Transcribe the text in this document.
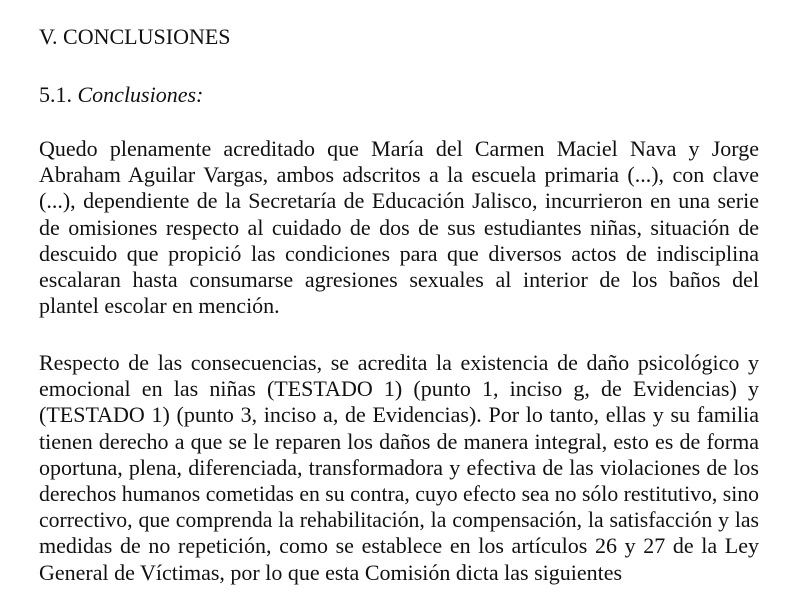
V. CONCLUSIONES
5.1. Conclusiones:

Quedo plenamente acreditado que María del Carmen Maciel Nava y Jorge
Abraham Aguilar Vargas, ambos adscritos a la escuela primaria (...), con clave
(...), dependiente de la Secretaría de Educación Jalisco, incurrieron en una serie
de omisiones respecto al cuidado de dos de sus estudiantes niñas, situación de
descuido que propició las condiciones para que diversos actos de indisciplina
escalaran hasta consumarse agresiones sexuales al interior de los baños del
plantel escolar en mención.

Respecto de las consecuencias, se acredita la existencia de daño psicológico y
emocional en las niñas (TESTADO 1) (punto 1, inciso g, de Evidencias) y
(TESTADO 1) (punto 3, inciso a, de Evidencias). Por lo tanto, ellas y su familia
tienen derecho a que se le reparen los daños de manera integral, esto es de forma
oportuna, plena, diferenciada, transformadora y efectiva de las violaciones de los
derechos humanos cometidas en su contra, cuyo efecto sea no sólo restitutivo, sino
correctivo, que comprenda la rehabilitación, la compensación, la satisfacción y las
medidas de no repetición, como se establece en los artículos 26 y 27 de la Ley
General de Víctimas, por lo que esta Comisión dicta las siguientes
